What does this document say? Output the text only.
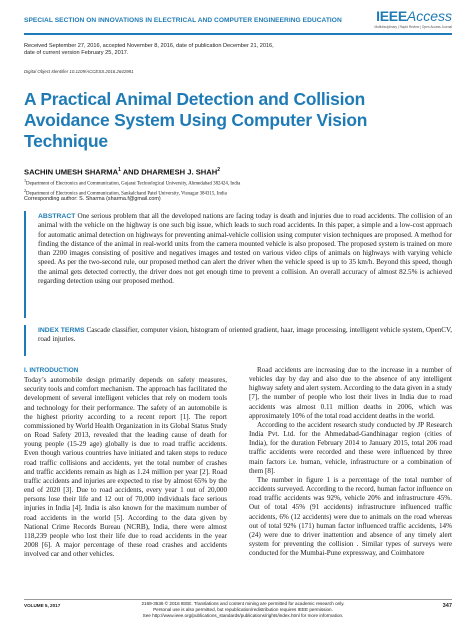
SPECIAL SECTION ON INNOVATIONS IN ELECTRICAL AND COMPUTER ENGINEERING EDUCATION IEEEAccess
Multidisciplinary | Rapid Review | Open Access Journal
Received September 27, 2016, accepted November 8, 2016, date of publication December 21, 2016,
date of current version February 25, 2017.
Digital Object Identifier 10.1109/ACCESS.2016.2642981
A Practical Animal Detection and Collision Avoidance System Using Computer Vision Technique
SACHIN UMESH SHARMA$^1$ AND DHARMESH J. SHAH$^2$
$^1$Department of Electronics and Communication, Gujarat Technological University, Ahmedabad 382424, India
$^2$Department of Electronics and Communication, Sankalchand Patel University, Visnagar 384315, India
Corresponding author: S. Sharma (sharma.f@gmail.com)
ABSTRACT One serious problem that all the developed nations are facing today is death and injuries due to road accidents. The collision of an animal with the vehicle on the highway is one such big issue, which leads to such road accidents. In this paper, a simple and a low-cost approach for automatic animal detection on highways for preventing animal-vehicle collision using computer vision techniques are proposed. A method for finding the distance of the animal in real-world units from the camera mounted vehicle is also proposed. The proposed system is trained on more than 2200 images consisting of positive and negatives images and tested on various video clips of animals on highways with varying vehicle speed. As per the two-second rule, our proposed method can alert the driver when the vehicle speed is up to 35 km/h. Beyond this speed, though the animal gets detected correctly, the driver does not get enough time to prevent a collision. An overall accuracy of almost 82.5% is achieved regarding detection using our proposed method.
INDEX TERMS Cascade classifier, computer vision, histogram of oriented gradient, haar, image processing, intelligent vehicle system, OpenCV, road injuries.
I. INTRODUCTION

Today’s automobile design primarily depends on safety measures, security tools and comfort mechanism. The approach has facilitated the development of several intelligent vehicles that rely on modern tools and technology for their performance. The safety of an automobile is the highest priority according to a recent report [1]. The report commissioned by World Health Organization in its Global Status Study on Road Safety 2013, revealed that the leading cause of death for young people (15-29 age) globally is due to road traffic accidents. Even though various countries have initiated and taken steps to reduce road traffic collisions and accidents, yet the total number of crashes and traffic accidents remain as high as 1.24 million per year [2]. Road traffic accidents and injuries are expected to rise by almost 65% by the end of 2020 [3]. Due to road accidents, every year 1 out of 20,000 persons lose their life and 12 out of 70,000 individuals face serious injuries in India [4]. India is also known for the maximum number of road accidents in the world [5]. According to the data given by National Crime Records Bureau (NCRB), India, there were almost 118,239 people who lost their life due to road accidents in the year 2008 [6]. A major percentage of these road crashes and accidents involved car and other vehicles.

Road accidents are increasing due to the increase in a number of vehicles day by day and also due to the absence of any intelligent highway safety and alert system. According to the data given in a study [7], the number of people who lost their lives in India due to road accidents was almost 0.11 million deaths in 2006, which was approximately 10% of the total road accident deaths in the world.

According to the accident research study conducted by JP Research India Pvt. Ltd. for the Ahmedabad-Gandhinagar region (cities of India), for the duration February 2014 to January 2015, total 206 road traffic accidents were recorded and these were influenced by three main factors i.e. human, vehicle, infrastructure or a combination of them [8].

The number in figure 1 is a percentage of the total number of accidents surveyed. According to the record, human factor influence on road traffic accidents was 92%, vehicle 20% and infrastructure 45%. Out of total 45% (91 accidents) infrastructure influenced traffic accidents, 6% (12 accidents) were due to animals on the road whereas out of total 92% (171) human factor influenced traffic accidents, 14% (24) were due to driver inattention and absence of any timely alert system for preventing the collision . Similar types of surveys were conducted for the Mumbai-Pune expressway, and Coimbatore

VOLUME 5, 2017	2169-3536 © 2016 IEEE. Translations and content mining are permitted for academic research only.
Personal use is also permitted, but republication/redistribution requires IEEE permission.
See http://www.ieee.org/publications_standards/publications/rights/index.html for more information.
347
